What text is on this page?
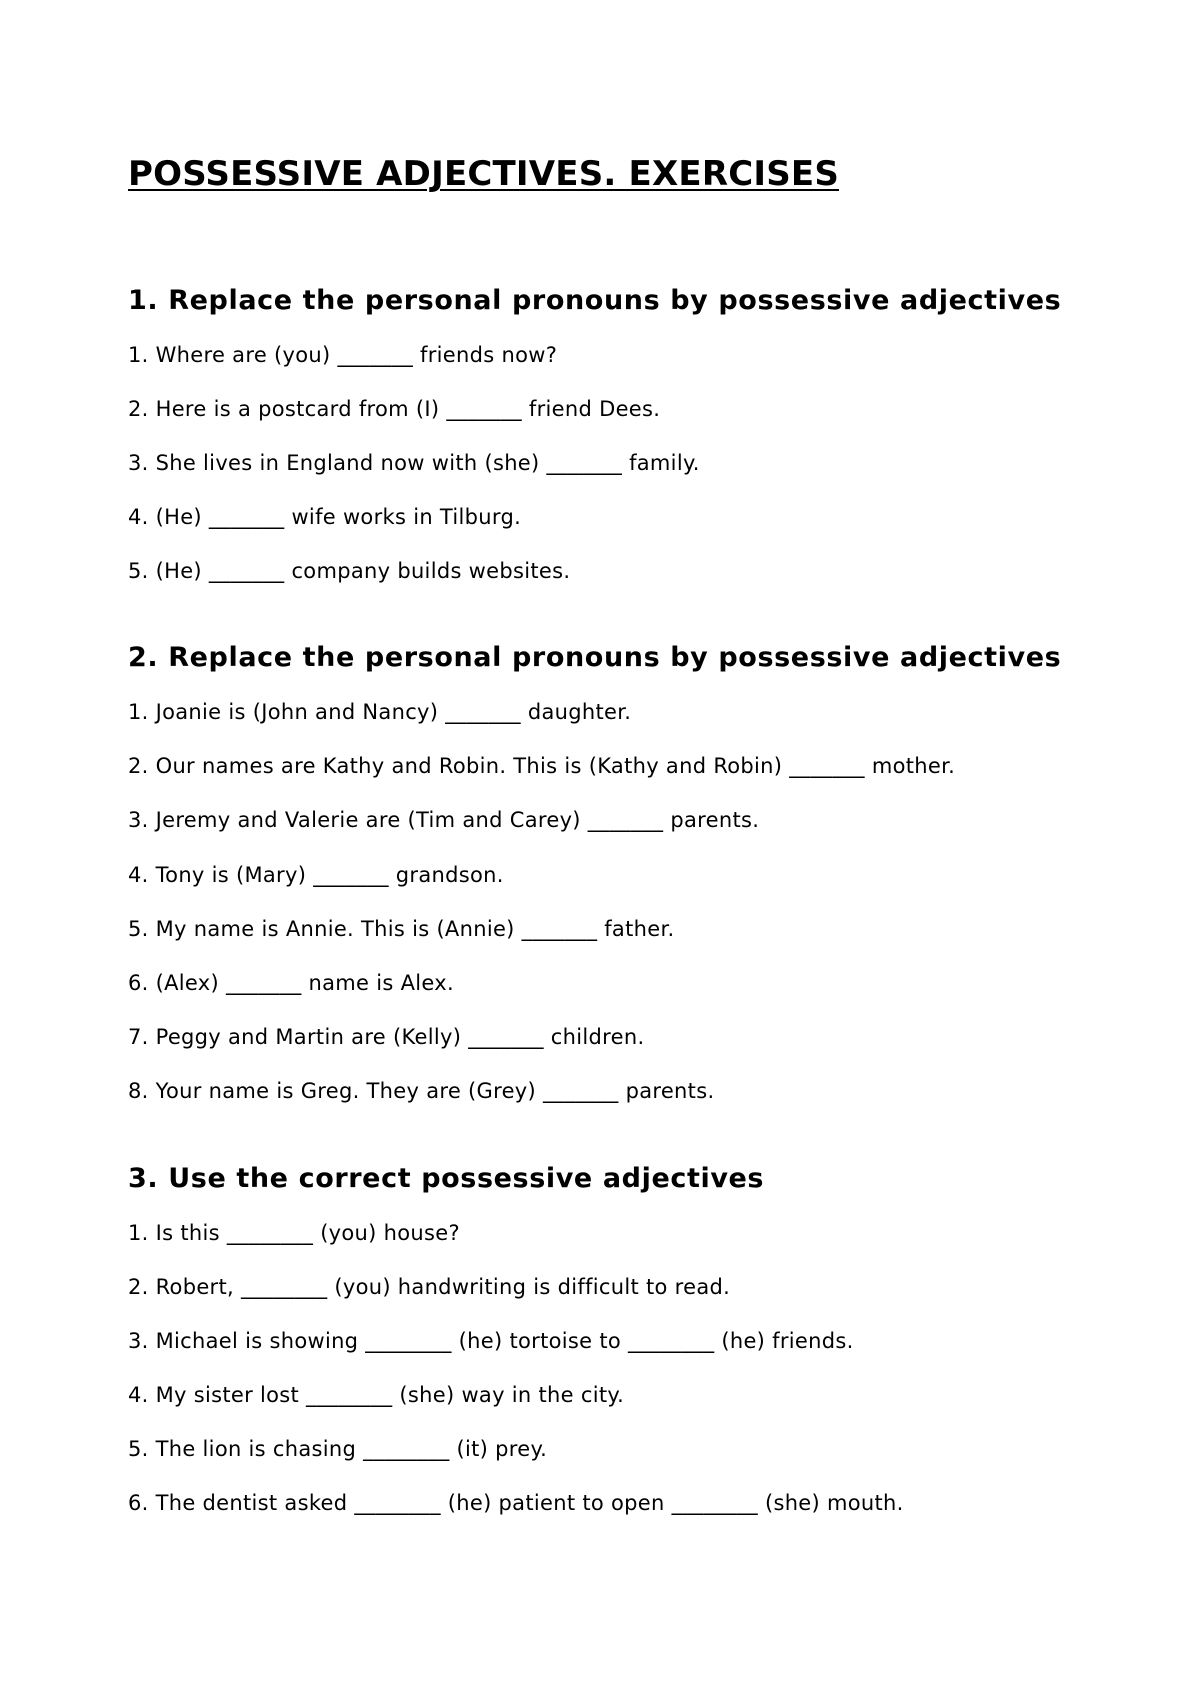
POSSESSIVE ADJECTIVES. EXERCISES
1. Replace the personal pronouns by possessive adjectives

1. Where are (you) _______ friends now?

2. Here is a postcard from (I) _______ friend Dees.

3. She lives in England now with (she) _______ family.

4. (He) _______ wife works in Tilburg.

5. (He) _______ company builds websites.

2. Replace the personal pronouns by possessive adjectives

1. Joanie is (John and Nancy) _______ daughter.

2. Our names are Kathy and Robin. This is (Kathy and Robin) _______ mother.

3. Jeremy and Valerie are (Tim and Carey) _______ parents.

4. Tony is (Mary) _______ grandson.

5. My name is Annie. This is (Annie) _______ father.

6. (Alex) _______ name is Alex.

7. Peggy and Martin are (Kelly) _______ children.

8. Your name is Greg. They are (Grey) _______ parents.

3. Use the correct possessive adjectives

1. Is this ________ (you) house?

2. Robert, ________ (you) handwriting is difficult to read.

3. Michael is showing ________ (he) tortoise to ________ (he) friends.

4. My sister lost ________ (she) way in the city.

5. The lion is chasing ________ (it) prey.

6. The dentist asked ________ (he) patient to open ________ (she) mouth.
